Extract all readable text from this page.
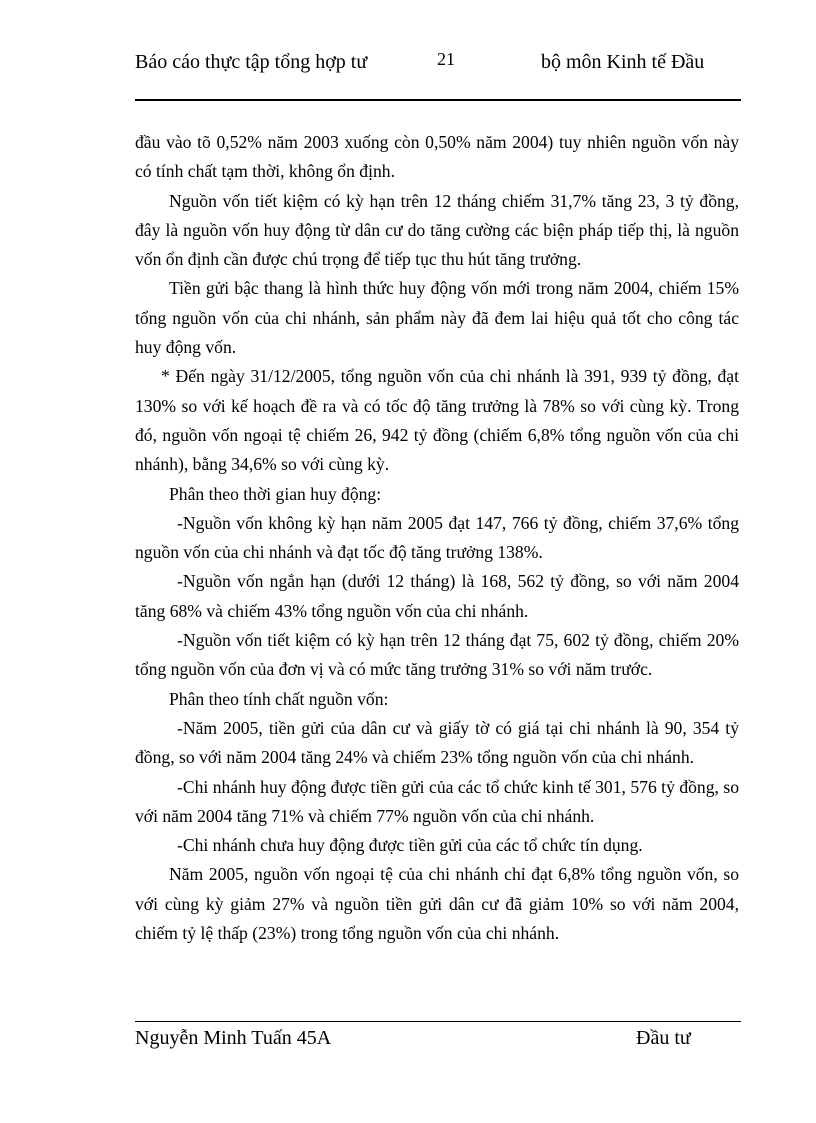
Báo cáo thực tập tổng hợp tư	21	bộ môn Kinh tế Đầu

đầu vào tõ 0,52% năm 2003 xuống còn 0,50% năm 2004) tuy nhiên nguồn vốn này có tính chất tạm thời, không ổn định.

Nguồn vốn tiết kiệm có kỳ hạn trên 12 tháng chiếm 31,7% tăng 23, 3 tỷ đồng, đây là nguồn vốn huy động từ dân cư do tăng cường các biện pháp tiếp thị, là nguồn vốn ổn định cần được chú trọng để tiếp tục thu hút tăng trưởng.

Tiền gửi bậc thang là hình thức huy động vốn mới trong năm 2004, chiếm 15% tổng nguồn vốn của chi nhánh, sản phẩm này đã đem lai hiệu quả tốt cho công tác huy động vốn.

* Đến ngày 31/12/2005, tổng nguồn vốn của chi nhánh là 391, 939 tỷ đồng, đạt 130% so với kế hoạch đề ra và có tốc độ tăng trưởng là 78% so với cùng kỳ. Trong đó, nguồn vốn ngoại tệ chiếm 26, 942 tỷ đồng (chiếm 6,8% tổng nguồn vốn của chi nhánh), bằng 34,6% so với cùng kỳ.

Phân theo thời gian huy động:

-Nguồn vốn không kỳ hạn năm 2005 đạt 147, 766 tỷ đồng, chiếm 37,6% tổng nguồn vốn của chi nhánh và đạt tốc độ tăng trưởng 138%.

-Nguồn vốn ngắn hạn (dưới 12 tháng) là 168, 562 tỷ đồng, so với năm 2004 tăng 68% và chiếm 43% tổng nguồn vốn của chi nhánh.

-Nguồn vốn tiết kiệm có kỳ hạn trên 12 tháng đạt 75, 602 tỷ đồng, chiếm 20% tổng nguồn vốn của đơn vị và có mức tăng trưởng 31% so với năm trước.

Phân theo tính chất nguồn vốn:

-Năm 2005, tiền gửi của dân cư và giấy tờ có giá tại chi nhánh là 90, 354 tỷ đồng, so với năm 2004 tăng 24% và chiếm 23% tổng nguồn vốn của chi nhánh.

-Chi nhánh huy động được tiền gửi của các tổ chức kinh tế 301, 576 tỷ đồng, so với năm 2004 tăng 71% và chiếm 77% nguồn vốn của chi nhánh.

-Chi nhánh chưa huy động được tiền gửi của các tổ chức tín dụng.

Năm 2005, nguồn vốn ngoại tệ của chi nhánh chỉ đạt 6,8% tổng nguồn vốn, so với cùng kỳ giảm 27% và nguồn tiền gửi dân cư đã giảm 10% so với năm 2004, chiếm tỷ lệ thấp (23%) trong tổng nguồn vốn của chi nhánh.

Nguyễn Minh Tuấn 45A	Đầu tư
